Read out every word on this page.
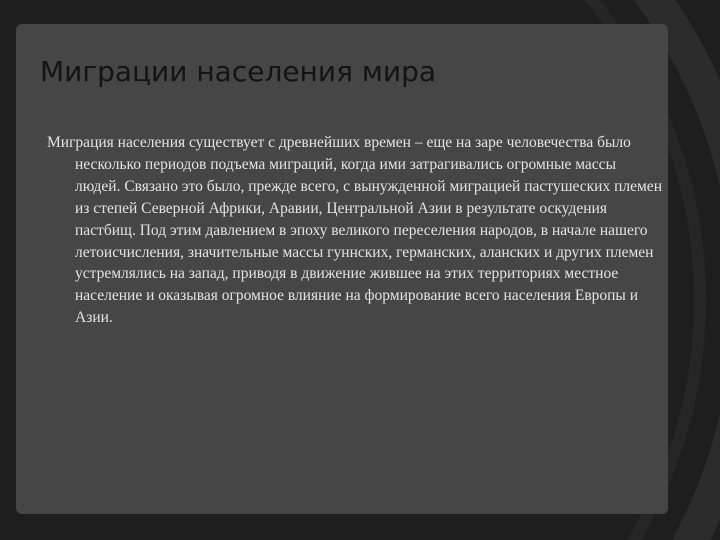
Миграции населения мира

Миграция населения существует с древнейших времен – еще на заре человечества было несколько периодов подъема миграций, когда ими затрагивались огромные массы людей. Связано это было, прежде всего, с вынужденной миграцией пастушеских племен из степей Северной Африки, Аравии, Центральной Азии в результате оскудения пастбищ. Под этим давлением в эпоху великого переселения народов, в начале нашего летоисчисления, значительные массы гуннских, германских, аланских и других племен устремлялись на запад, приводя в движение жившее на этих территориях местное население и оказывая огромное влияние на формирование всего населения Европы и Азии.
